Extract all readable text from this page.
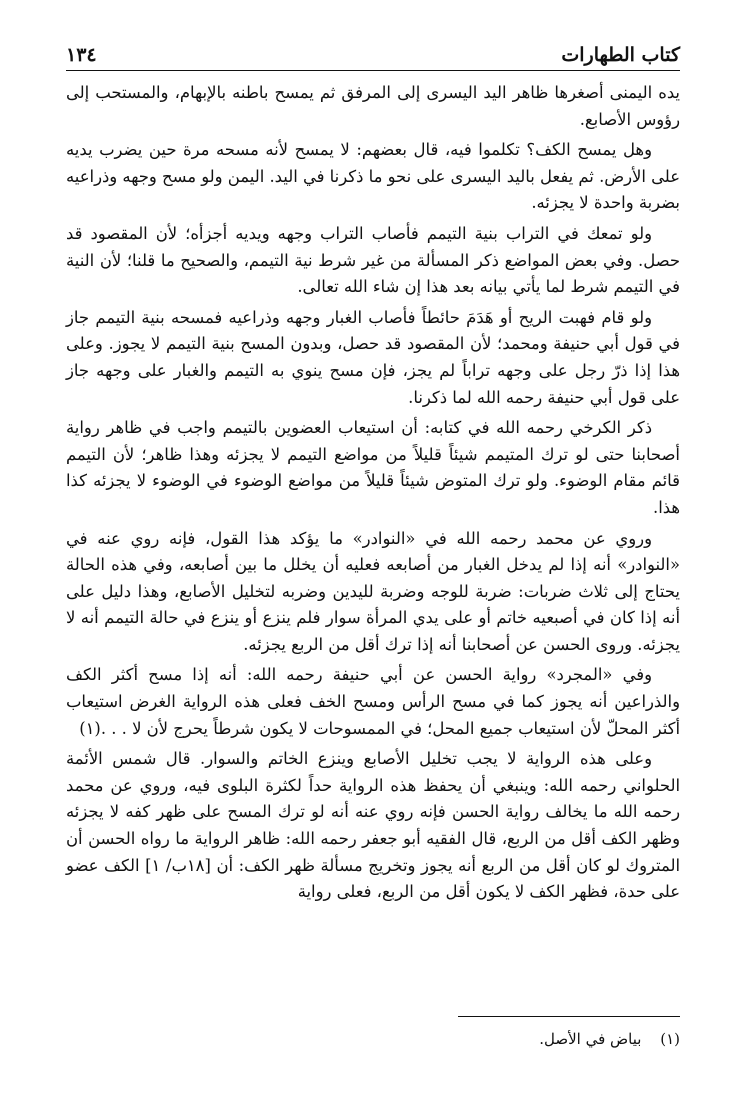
كتاب الطهارات
١٣٤

يده اليمنى أصغرها ظاهر اليد اليسرى إلى المرفق ثم يمسح باطنه بالإبهام، والمستحب إلى رؤوس الأصابع.

وهل يمسح الكف؟ تكلموا فيه، قال بعضهم: لا يمسح لأنه مسحه مرة حين يضرب يديه على الأرض. ثم يفعل باليد اليسرى على نحو ما ذكرنا في اليد. اليمن ولو مسح وجهه وذراعيه بضربة واحدة لا يجزئه.

ولو تمعك في التراب بنية التيمم فأصاب التراب وجهه ويديه أجزأه؛ لأن المقصود قد حصل. وفي بعض المواضع ذكر المسألة من غير شرط نية التيمم، والصحيح ما قلنا؛ لأن النية في التيمم شرط لما يأتي بيانه بعد هذا إن شاء الله تعالى.

ولو قام فهبت الريح أو هَدَمَ حائطاً فأصاب الغبار وجهه وذراعيه فمسحه بنية التيمم جاز في قول أبي حنيفة ومحمد؛ لأن المقصود قد حصل، وبدون المسح بنية التيمم لا يجوز. وعلى هذا إذا ذرّ رجل على وجهه تراباً لم يجز، فإن مسح ينوي به التيمم والغبار على وجهه جاز على قول أبي حنيفة رحمه الله لما ذكرنا.

ذكر الكرخي رحمه الله في كتابه: أن استيعاب العضوين بالتيمم واجب في ظاهر رواية أصحابنا حتى لو ترك المتيمم شيئاً قليلاً من مواضع التيمم لا يجزئه وهذا ظاهر؛ لأن التيمم قائم مقام الوضوء. ولو ترك المتوض شيئاً قليلاً من مواضع الوضوء في الوضوء لا يجزئه كذا هذا.

وروي عن محمد رحمه الله في «النوادر» ما يؤكد هذا القول، فإنه روي عنه في «النوادر» أنه إذا لم يدخل الغبار من أصابعه فعليه أن يخلل ما بين أصابعه، وفي هذه الحالة يحتاج إلى ثلاث ضربات: ضربة للوجه وضربة لليدين وضربه لتخليل الأصابع، وهذا دليل على أنه إذا كان في أصبعيه خاتم أو على يدي المرأة سوار فلم ينزع أو ينزع في حالة التيمم أنه لا يجزئه. وروى الحسن عن أصحابنا أنه إذا ترك أقل من الربع يجزئه.

وفي «المجرد» رواية الحسن عن أبي حنيفة رحمه الله: أنه إذا مسح أكثر الكف والذراعين أنه يجوز كما في مسح الرأس ومسح الخف فعلى هذه الرواية الغرض استيعاب أكثر المحلّ لأن استيعاب جميع المحل؛ في الممسوحات لا يكون شرطاً يحرج لأن لا . . .(١)

وعلى هذه الرواية لا يجب تخليل الأصابع وينزع الخاتم والسوار. قال شمس الأئمة الحلواني رحمه الله: وينبغي أن يحفظ هذه الرواية حداً لكثرة البلوى فيه، وروي عن محمد رحمه الله ما يخالف رواية الحسن فإنه روي عنه أنه لو ترك المسح على ظهر كفه لا يجزئه وظهر الكف أقل من الربع، قال الفقيه أبو جعفر رحمه الله: ظاهر الرواية ما رواه الحسن أن المتروك لو كان أقل من الربع أنه يجوز وتخريج مسألة ظهر الكف: أن [١٨ب/ ١] الكف عضو على حدة، فظهر الكف لا يكون أقل من الربع، فعلى رواية

(١) بياض في الأصل.
